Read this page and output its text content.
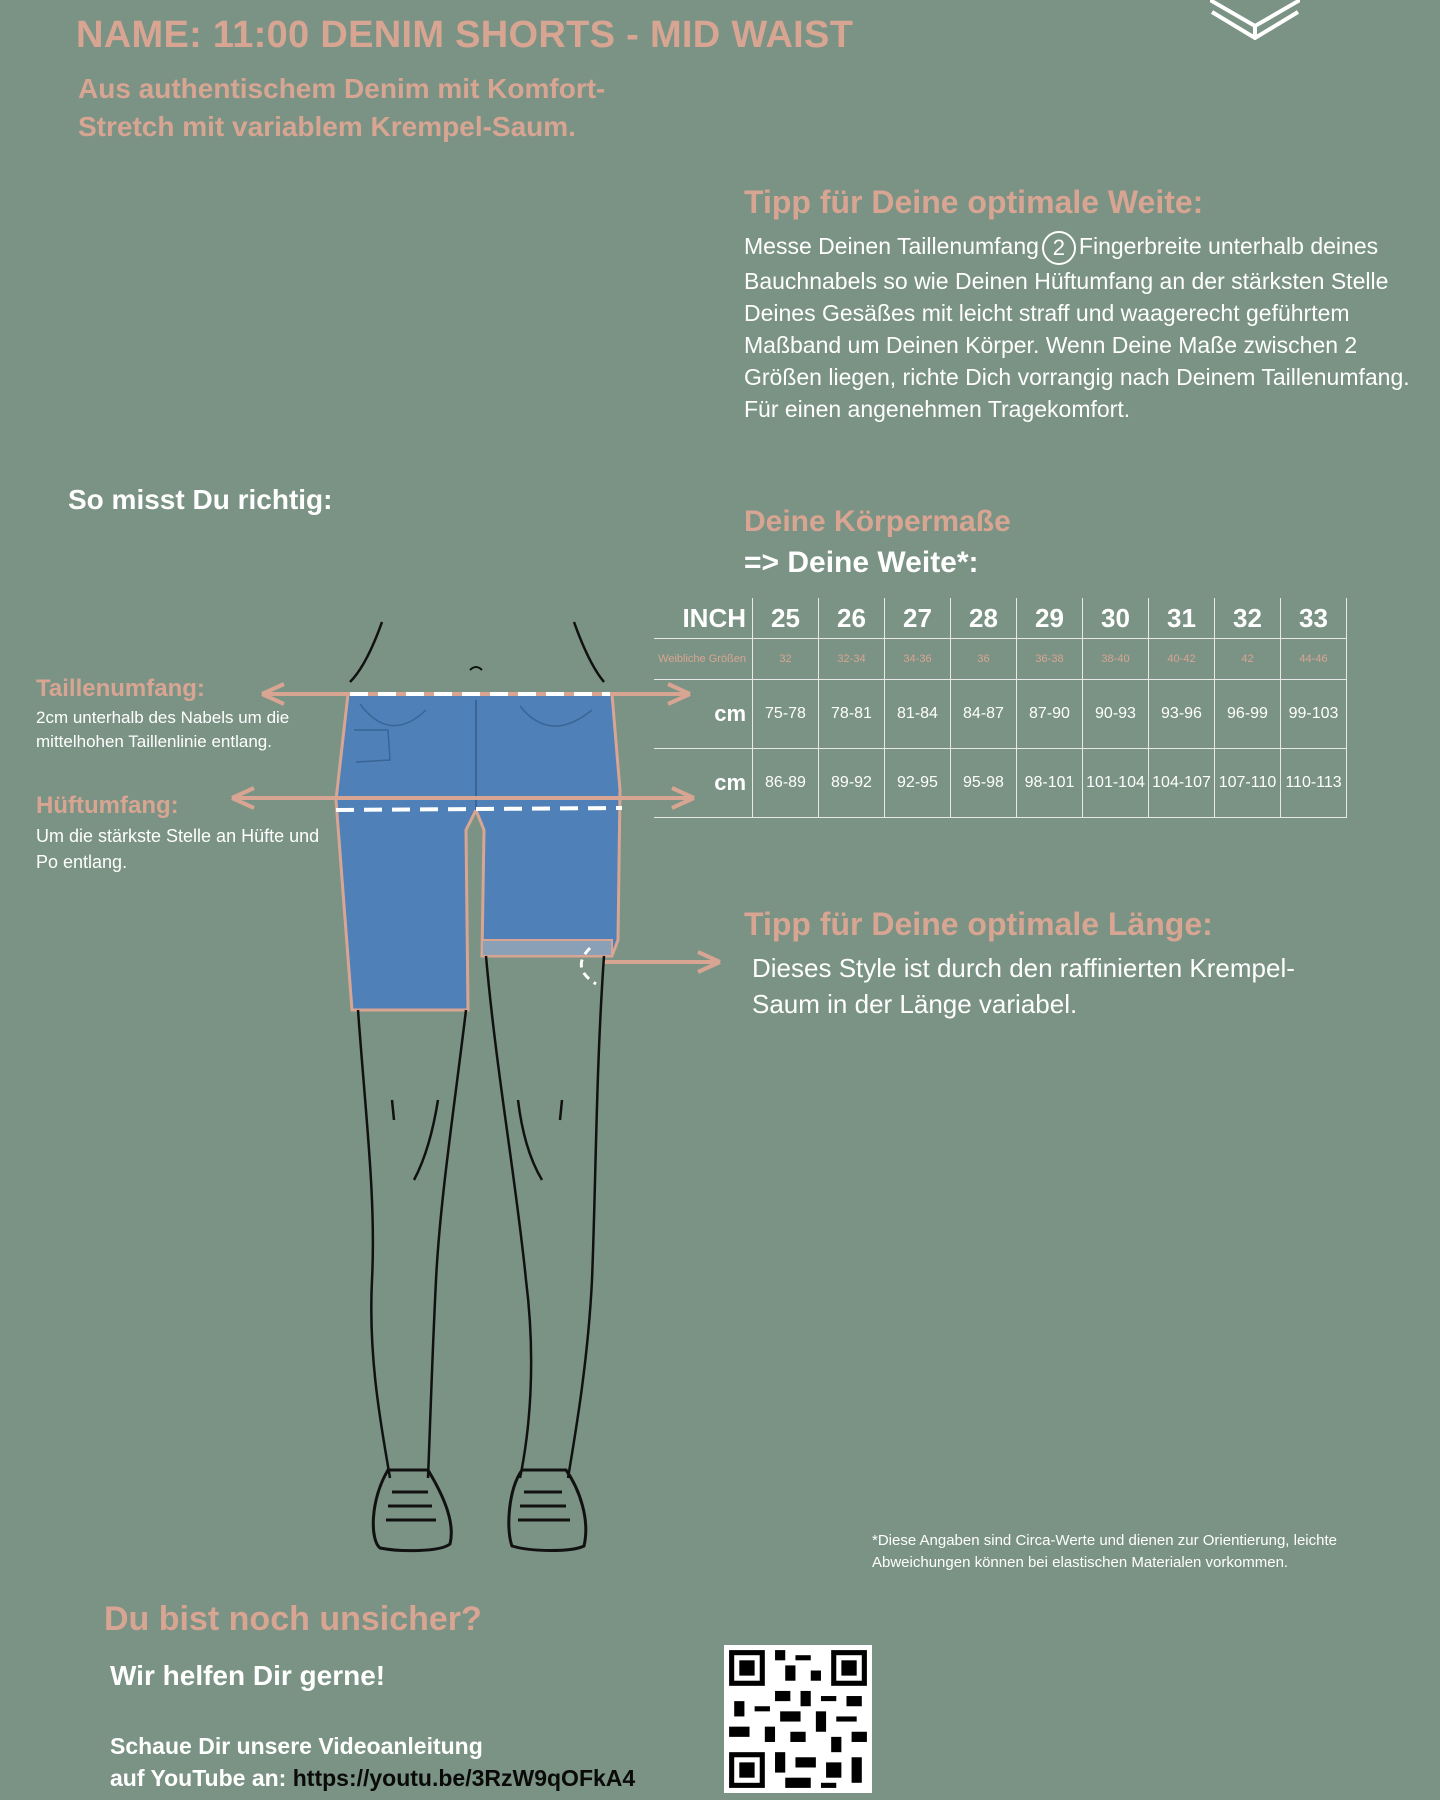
NAME: 11:00 DENIM SHORTS - MID WAIST
Aus authentischem Denim mit Komfort-Stretch mit variablem Krempel-Saum.
Tipp für Deine optimale Weite:
Messe Deinen Taillenumfang 2 Fingerbreite unterhalb deines Bauchnabels so wie Deinen Hüftumfang an der stärksten Stelle Deines Gesäßes mit leicht straff und waagerecht geführtem Maßband um Deinen Körper. Wenn Deine Maße zwischen 2 Größen liegen, richte Dich vorrangig nach Deinem Taillenumfang. Für einen angenehmen Tragekomfort.
So misst Du richtig:
Deine Körpermaße
=> Deine Weite*:
Taillenumfang:
2cm unterhalb des Nabels um die mittelhohen Taillenlinie entlang.
Hüftumfang:
Um die stärkste Stelle an Hüfte und Po entlang.
INCH	25	26	27	28	29	30	31	32	33
Weibliche Größen	32	32-34	34-36	36	36-38	38-40	40-42	42	44-46
cm	75-78	78-81	81-84	84-87	87-90	90-93	93-96	96-99	99-103
cm	86-89	89-92	92-95	95-98	98-101	101-104	104-107	107-110	110-113
Tipp für Deine optimale Länge:
Dieses Style ist durch den raffinierten Krempel-Saum in der Länge variabel.
*Diese Angaben sind Circa-Werte und dienen zur Orientierung, leichte Abweichungen können bei elastischen Materialen vorkommen.
Du bist noch unsicher?
Wir helfen Dir gerne!
Schaue Dir unsere Videoanleitung
auf YouTube an: https://youtu.be/3RzW9qOFkA4
